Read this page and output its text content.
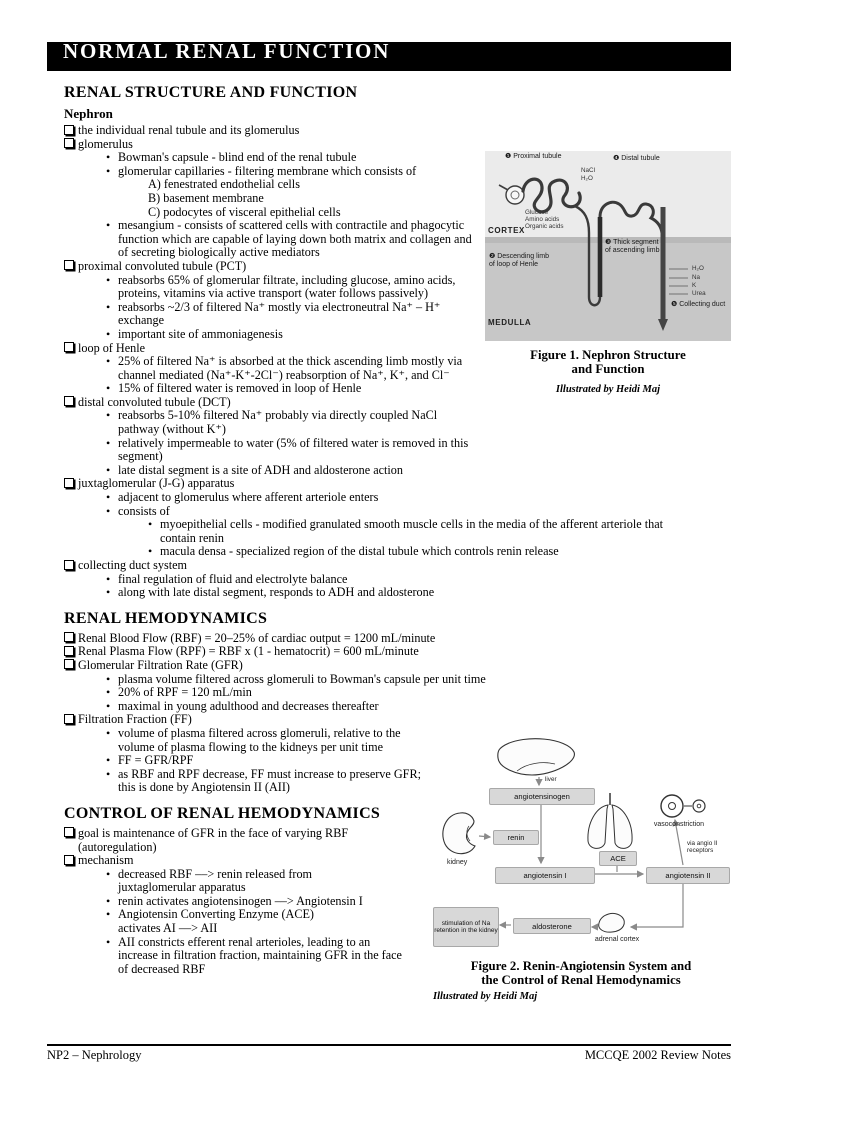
NORMAL RENAL FUNCTION
RENAL STRUCTURE AND FUNCTION
❶ Proximal tubule	❹ Distal tubule
NaCl
H₂O
Glucose
Amino acids
Organic acids
CORTEX
❷ Descending limb of loop of Henle
❸ Thick segment of ascending limb
MEDULLA
❺ Collecting duct
H₂O
Na
K
Urea
Figure 1. Nephron Structure
and Function
Illustrated by Heidi Maj
Nephron
the individual renal tubule and its glomerulus
glomerulus
• Bowman's capsule - blind end of the renal tubule
• glomerular capillaries - filtering membrane which consists of
A) fenestrated endothelial cells
B) basement membrane
C) podocytes of visceral epithelial cells
• mesangium - consists of scattered cells with contractile and phagocytic function which are capable of laying down both matrix and collagen and of secreting biologically active mediators
proximal convoluted tubule (PCT)
• reabsorbs 65% of glomerular filtrate, including glucose, amino acids, proteins, vitamins via active transport (water follows passively)
• reabsorbs ~2/3 of filtered Na⁺ mostly via electroneutral Na⁺ – H⁺ exchange
• important site of ammoniagenesis
loop of Henle
• 25% of filtered Na⁺ is absorbed at the thick ascending limb mostly via channel mediated (Na⁺-K⁺-2Cl⁻) reabsorption of Na⁺, K⁺, and Cl⁻
• 15% of filtered water is removed in loop of Henle
distal convoluted tubule (DCT)
• reabsorbs 5-10% filtered Na⁺ probably via directly coupled NaCl pathway (without K⁺)
• relatively impermeable to water (5% of filtered water is removed in this segment)
• late distal segment is a site of ADH and aldosterone action
juxtaglomerular (J-G) apparatus
• adjacent to glomerulus where afferent arteriole enters
• consists of
• myoepithelial cells - modified granulated smooth muscle cells in the media of the afferent arteriole that contain renin
• macula densa - specialized region of the distal tubule which controls renin release
collecting duct system
• final regulation of fluid and electrolyte balance
• along with late distal segment, responds to ADH and aldosterone
RENAL HEMODYNAMICS
Renal Blood Flow (RBF) = 20–25% of cardiac output = 1200 mL/minute
Renal Plasma Flow (RPF) = RBF x (1 - hematocrit) = 600 mL/minute
Glomerular Filtration Rate (GFR)
• plasma volume filtered across glomeruli to Bowman's capsule per unit time
• 20% of RPF = 120 mL/min
• maximal in young adulthood and decreases thereafter
liver
angiotensinogen
renin
kidney
angiotensin I
ACE
angiotensin II
vasoconstriction
via angio II receptors
aldosterone
stimulation of Na retention in the kidney
adrenal cortex
Figure 2. Renin-Angiotensin System and
the Control of Renal Hemodynamics
Illustrated by Heidi Maj
Filtration Fraction (FF)
• volume of plasma filtered across glomeruli, relative to the volume of plasma flowing to the kidneys per unit time
• FF = GFR/RPF
• as RBF and RPF decrease, FF must increase to preserve GFR; this is done by Angiotensin II (AII)
CONTROL OF RENAL HEMODYNAMICS
goal is maintenance of GFR in the face of varying RBF (autoregulation)
mechanism
• decreased RBF ––> renin released from juxtaglomerular apparatus
• renin activates angiotensinogen ––> Angiotensin I
• Angiotensin Converting Enzyme (ACE) activates AI ––> AII
• AII constricts efferent renal arterioles, leading to an increase in filtration fraction, maintaining GFR in the face of decreased RBF
NP2 – Nephrology	MCCQE 2002 Review Notes
